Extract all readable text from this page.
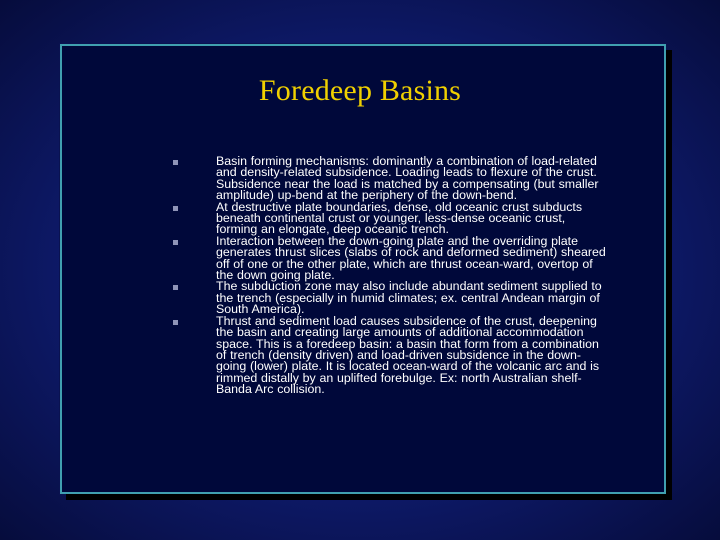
Foredeep Basins
Basin forming mechanisms: dominantly a combination of load-related and density-related subsidence. Loading leads to flexure of the crust. Subsidence near the load is matched by a compensating (but smaller amplitude) up-bend at the periphery of the down-bend.
At destructive plate boundaries, dense, old oceanic crust subducts beneath continental crust or younger, less-dense oceanic crust, forming an elongate, deep oceanic trench.
Interaction between the down-going plate and the overriding plate generates thrust slices (slabs of rock and deformed sediment) sheared off of one or the other plate, which are thrust ocean-ward, overtop of the down going plate.
The subduction zone may also include abundant sediment supplied to the trench (especially in humid climates; ex. central Andean margin of South America).
Thrust and sediment load causes subsidence of the crust, deepening the basin and creating large amounts of additional accommodation space. This is a foredeep basin: a basin that form from a combination of trench (density driven) and load-driven subsidence in the down-going (lower) plate. It is located ocean-ward of the volcanic arc and is rimmed distally by an uplifted forebulge. Ex: north Australian shelf-Banda Arc collision.
